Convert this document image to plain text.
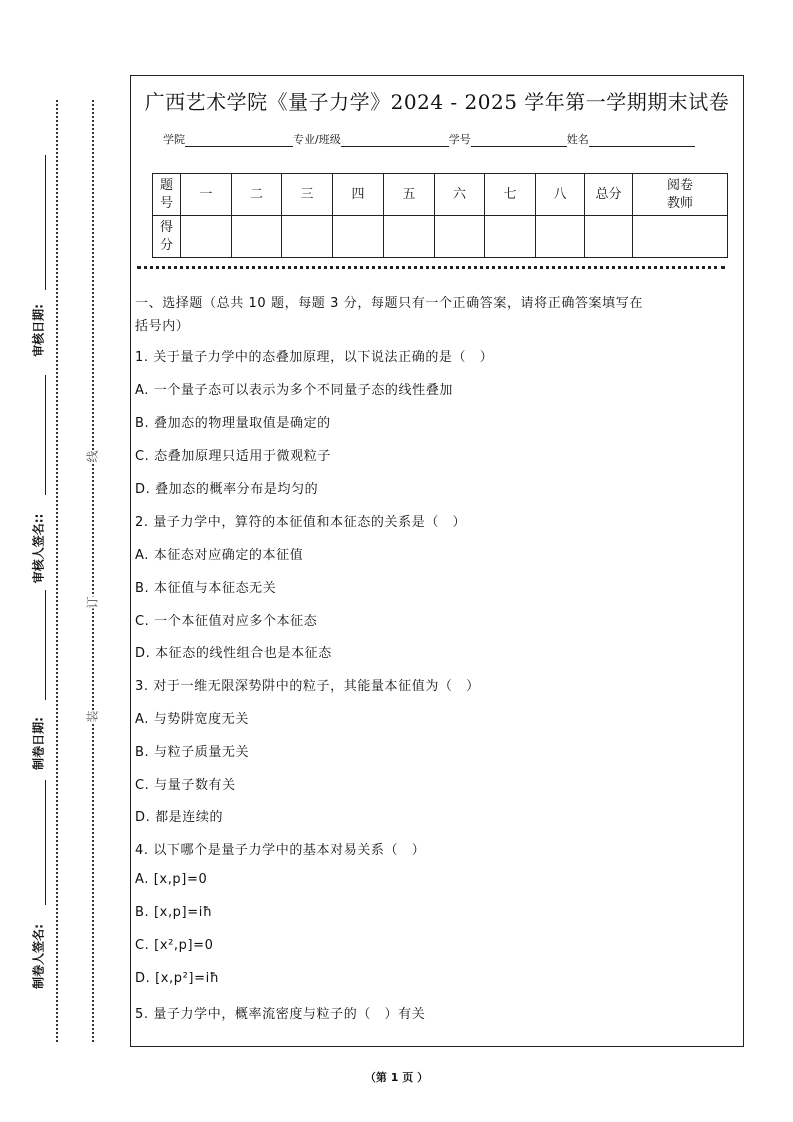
审核日期:
审核人签名::
制卷日期:
制卷人签名:
线
订
装
广西艺术学院《量子力学》2024 - 2025 学年第一学期期末试卷
学院	专业/班级	学号	姓名
题号	一	二	三	四	五	六	七	八	总分	阅卷教师
得分										
一、选择题（总共 10 题，每题 3 分，每题只有一个正确答案，请将正确答案填写在
括号内）
1. 关于量子力学中的态叠加原理，以下说法正确的是（　）
A. 一个量子态可以表示为多个不同量子态的线性叠加
B. 叠加态的物理量取值是确定的
C. 态叠加原理只适用于微观粒子
D. 叠加态的概率分布是均匀的
2. 量子力学中，算符的本征值和本征态的关系是（　）
A. 本征态对应确定的本征值
B. 本征值与本征态无关
C. 一个本征值对应多个本征态
D. 本征态的线性组合也是本征态
3. 对于一维无限深势阱中的粒子，其能量本征值为（　）
A. 与势阱宽度无关
B. 与粒子质量无关
C. 与量子数有关
D. 都是连续的
4. 以下哪个是量子力学中的基本对易关系（　）
A. [x,p]=0
B. [x,p]=iħ
C. [x²,p]=0
D. [x,p²]=iħ
5. 量子力学中，概率流密度与粒子的（　）有关
（第 1 页 ）
